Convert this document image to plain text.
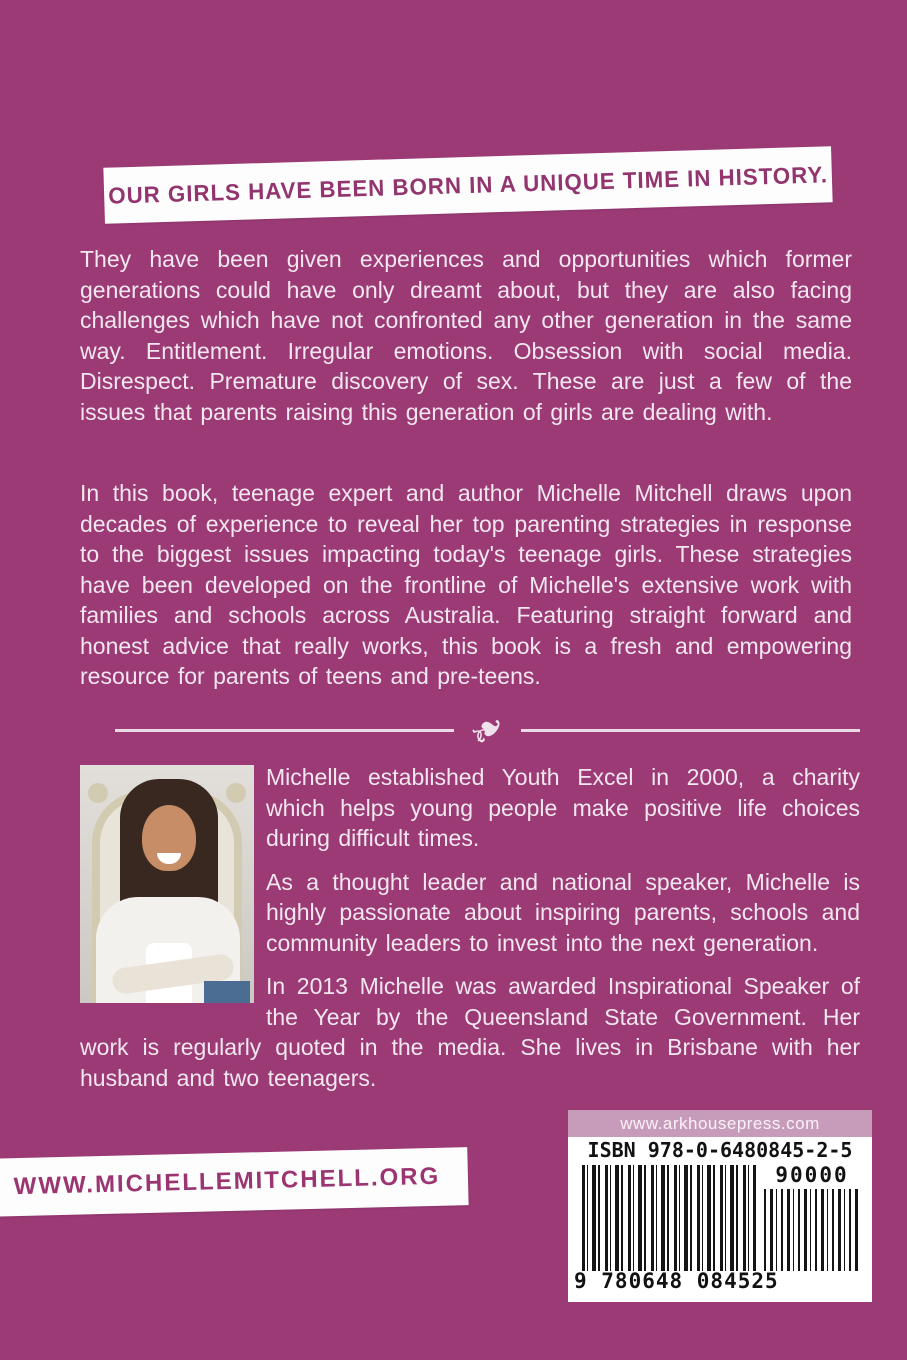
OUR GIRLS HAVE BEEN BORN IN A UNIQUE TIME IN HISTORY.

They have been given experiences and opportunities which former generations could have only dreamt about, but they are also facing challenges which have not confronted any other generation in the same way. Entitlement. Irregular emotions. Obsession with social media. Disrespect. Premature discovery of sex. These are just a few of the issues that parents raising this generation of girls are dealing with.

In this book, teenage expert and author Michelle Mitchell draws upon decades of experience to reveal her top parenting strategies in response to the biggest issues impacting today's teenage girls. These strategies have been developed on the frontline of Michelle's extensive work with families and schools across Australia. Featuring straight forward and honest advice that really works, this book is a fresh and empowering resource for parents of teens and pre-teens.

❧

Michelle established Youth Excel in 2000, a charity which helps young people make positive life choices during difficult times.

As a thought leader and national speaker, Michelle is highly passionate about inspiring parents, schools and community leaders to invest into the next generation.

In 2013 Michelle was awarded Inspirational Speaker of the Year by the Queensland State Government. Her work is regularly quoted in the media. She lives in Brisbane with her husband and two teenagers.

WWW.MICHELLEMITCHELL.ORG
www.arkhousepress.com
ISBN 978-0-6480845-2-5
90000
9 780648 084525
